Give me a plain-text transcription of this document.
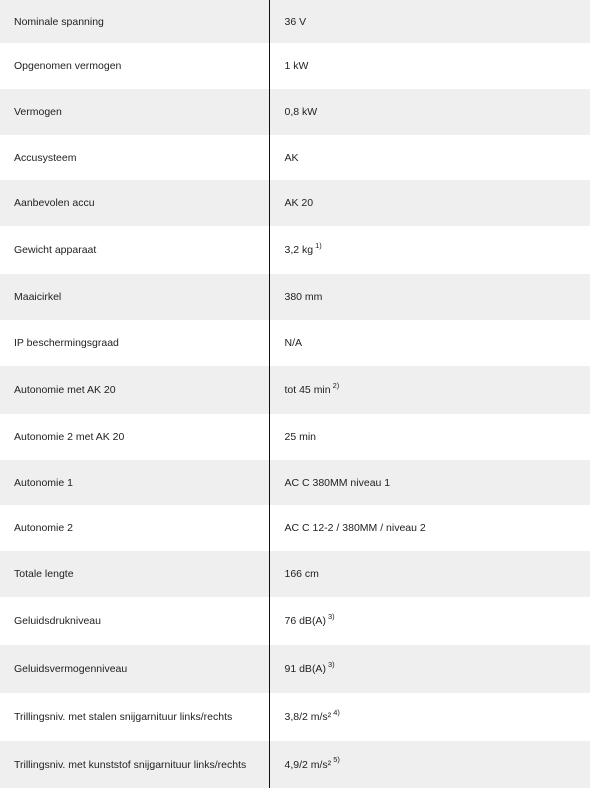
Nominale spanning	36 V
Opgenomen vermogen	1 kW
Vermogen	0,8 kW
Accusysteem	AK
Aanbevolen accu	AK 20
Gewicht apparaat	3,2 kg $^{1)}$
Maaicirkel	380 mm
IP beschermingsgraad	N/A
Autonomie met AK 20	tot 45 min $^{2)}$
Autonomie 2 met AK 20	25 min
Autonomie 1	AC C 380MM niveau 1
Autonomie 2	AC C 12-2 / 380MM / niveau 2
Totale lengte	166 cm
Geluidsdrukniveau	76 dB(A) $^{3)}$
Geluidsvermogenniveau	91 dB(A) $^{3)}$
Trillingsniv. met stalen snijgarnituur links/rechts	3,8/2 m/s² $^{4)}$
Trillingsniv. met kunststof snijgarnituur links/rechts	4,9/2 m/s² $^{5)}$
